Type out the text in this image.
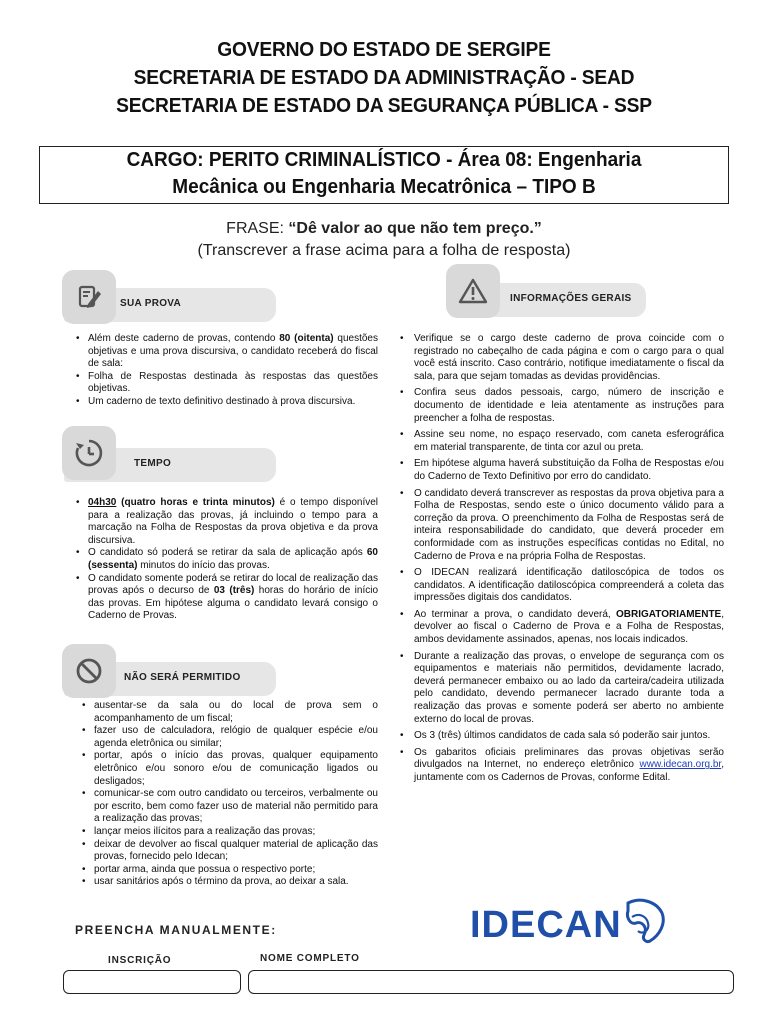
GOVERNO DO ESTADO DE SERGIPE
SECRETARIA DE ESTADO DA ADMINISTRAÇÃO - SEAD
SECRETARIA DE ESTADO DA SEGURANÇA PÚBLICA - SSP
CARGO: PERITO CRIMINALÍSTICO - Área 08: Engenharia
Mecânica ou Engenharia Mecatrônica – TIPO B
FRASE: “Dê valor ao que não tem preço.”
(Transcrever a frase acima para a folha de resposta)
SUA PROVA
• Além deste caderno de provas, contendo 80 (oitenta) questões objetivas e uma prova discursiva, o candidato receberá do fiscal de sala:
• Folha de Respostas destinada às respostas das questões objetivas.
• Um caderno de texto definitivo destinado à prova discursiva.
TEMPO
• 04h30 (quatro horas e trinta minutos) é o tempo disponível para a realização das provas, já incluindo o tempo para a marcação na Folha de Respostas da prova objetiva e da prova discursiva.
• O candidato só poderá se retirar da sala de aplicação após 60 (sessenta) minutos do início das provas.
• O candidato somente poderá se retirar do local de realização das provas após o decurso de 03 (três) horas do horário de início das provas. Em hipótese alguma o candidato levará consigo o Caderno de Provas.
NÃO SERÁ PERMITIDO
• ausentar-se da sala ou do local de prova sem o acompanhamento de um fiscal;
• fazer uso de calculadora, relógio de qualquer espécie e/ou agenda eletrônica ou similar;
• portar, após o início das provas, qualquer equipamento eletrônico e/ou sonoro e/ou de comunicação ligados ou desligados;
• comunicar-se com outro candidato ou terceiros, verbalmente ou por escrito, bem como fazer uso de material não permitido para a realização das provas;
• lançar meios ilícitos para a realização das provas;
• deixar de devolver ao fiscal qualquer material de aplicação das provas, fornecido pelo Idecan;
• portar arma, ainda que possua o respectivo porte;
• usar sanitários após o término da prova, ao deixar a sala.
INFORMAÇÕES GERAIS
• Verifique se o cargo deste caderno de prova coincide com o registrado no cabeçalho de cada página e com o cargo para o qual você está inscrito. Caso contrário, notifique imediatamente o fiscal da sala, para que sejam tomadas as devidas providências.
• Confira seus dados pessoais, cargo, número de inscrição e documento de identidade e leia atentamente as instruções para preencher a folha de respostas.
• Assine seu nome, no espaço reservado, com caneta esferográfica em material transparente, de tinta cor azul ou preta.
• Em hipótese alguma haverá substituição da Folha de Respostas e/ou do Caderno de Texto Definitivo por erro do candidato.
• O candidato deverá transcrever as respostas da prova objetiva para a Folha de Respostas, sendo este o único documento válido para a correção da prova. O preenchimento da Folha de Respostas será de inteira responsabilidade do candidato, que deverá proceder em conformidade com as instruções específicas contidas no Edital, no Caderno de Prova e na própria Folha de Respostas.
• O IDECAN realizará identificação datiloscópica de todos os candidatos. A identificação datiloscópica compreenderá a coleta das impressões digitais dos candidatos.
• Ao terminar a prova, o candidato deverá, OBRIGATORIAMENTE, devolver ao fiscal o Caderno de Prova e a Folha de Respostas, ambos devidamente assinados, apenas, nos locais indicados.
• Durante a realização das provas, o envelope de segurança com os equipamentos e materiais não permitidos, devidamente lacrado, deverá permanecer embaixo ou ao lado da carteira/cadeira utilizada pelo candidato, devendo permanecer lacrado durante toda a realização das provas e somente poderá ser aberto no ambiente externo do local de provas.
• Os 3 (três) últimos candidatos de cada sala só poderão sair juntos.
• Os gabaritos oficiais preliminares das provas objetivas serão divulgados na Internet, no endereço eletrônico www.idecan.org.br, juntamente com os Cadernos de Provas, conforme Edital.
PREENCHA MANUALMENTE:
INSCRIÇÃO	NOME COMPLETO
IDECAN
